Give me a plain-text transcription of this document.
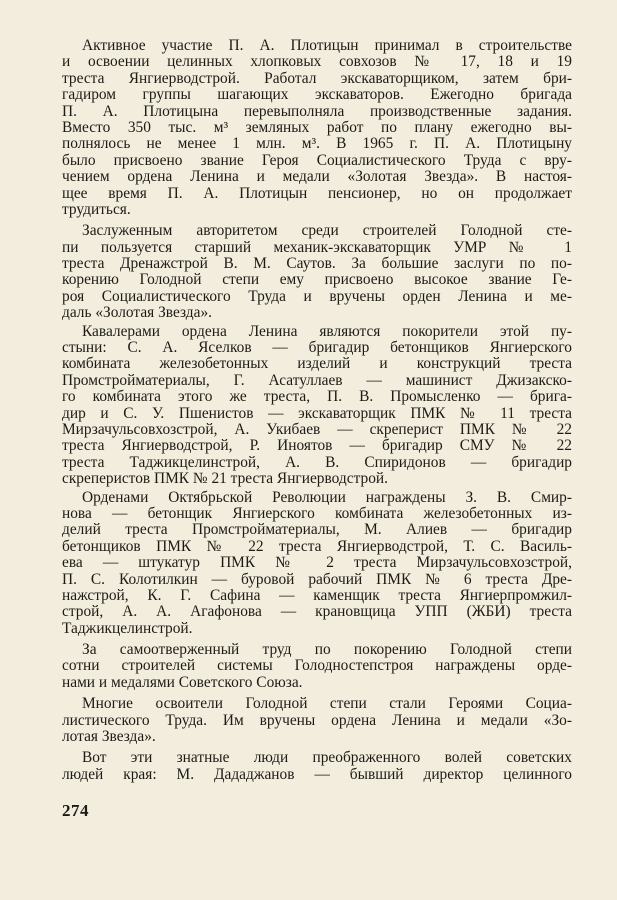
Активное участие П. А. Плотицын принимал в строительстве
и освоении целинных хлопковых совхозов № 17, 18 и 19
треста Янгиерводстрой. Работал экскаваторщиком, затем бри-
гадиром группы шагающих экскаваторов. Ежегодно бригада
П. А. Плотицына перевыполняла производственные задания.
Вместо 350 тыс. м³ земляных работ по плану ежегодно вы-
полнялось не менее 1 млн. м³. В 1965 г. П. А. Плотицыну
было присвоено звание Героя Социалистического Труда с вру-
чением ордена Ленина и медали «Золотая Звезда». В настоя-
щее время П. А. Плотицын пенсионер, но он продолжает
трудиться.
Заслуженным авторитетом среди строителей Голодной сте-
пи пользуется старший механик-экскаваторщик УМР № 1
треста Дренажстрой В. М. Саутов. За большие заслуги по по-
корению Голодной степи ему присвоено высокое звание Ге-
роя Социалистического Труда и вручены орден Ленина и ме-
даль «Золотая Звезда».
Кавалерами ордена Ленина являются покорители этой пу-
стыни: С. А. Яселков — бригадир бетонщиков Янгиерского
комбината железобетонных изделий и конструкций треста
Промстройматериалы, Г. Асатуллаев — машинист Джизакско-
го комбината этого же треста, П. В. Промысленко — брига-
дир и С. У. Пшенистов — экскаваторщик ПМК № 11 треста
Мирзачульсовхозстрой, А. Укибаев — скреперист ПМК № 22
треста Янгиерводстрой, Р. Иноятов — бригадир СМУ № 22
треста Таджикцелинстрой, А. В. Спиридонов — бригадир
скреперистов ПМК № 21 треста Янгиерводстрой.
Орденами Октябрьской Революции награждены З. В. Смир-
нова — бетонщик Янгиерского комбината железобетонных из-
делий треста Промстройматериалы, М. Алиев — бригадир
бетонщиков ПМК № 22 треста Янгиерводстрой, Т. С. Василь-
ева — штукатур ПМК № 2 треста Мирзачульсовхозстрой,
П. С. Колотилкин — буровой рабочий ПМК № 6 треста Дре-
нажстрой, К. Г. Сафина — каменщик треста Янгиерпромжил-
строй, А. А. Агафонова — крановщица УПП (ЖБИ) треста
Таджикцелинстрой.
За самоотверженный труд по покорению Голодной степи
сотни строителей системы Голодностепстроя награждены орде-
нами и медалями Советского Союза.
Многие освоители Голодной степи стали Героями Социа-
листического Труда. Им вручены ордена Ленина и медали «Зо-
лотая Звезда».
Вот эти знатные люди преображенного волей советских
людей края: М. Дададжанов — бывший директор целинного
274
